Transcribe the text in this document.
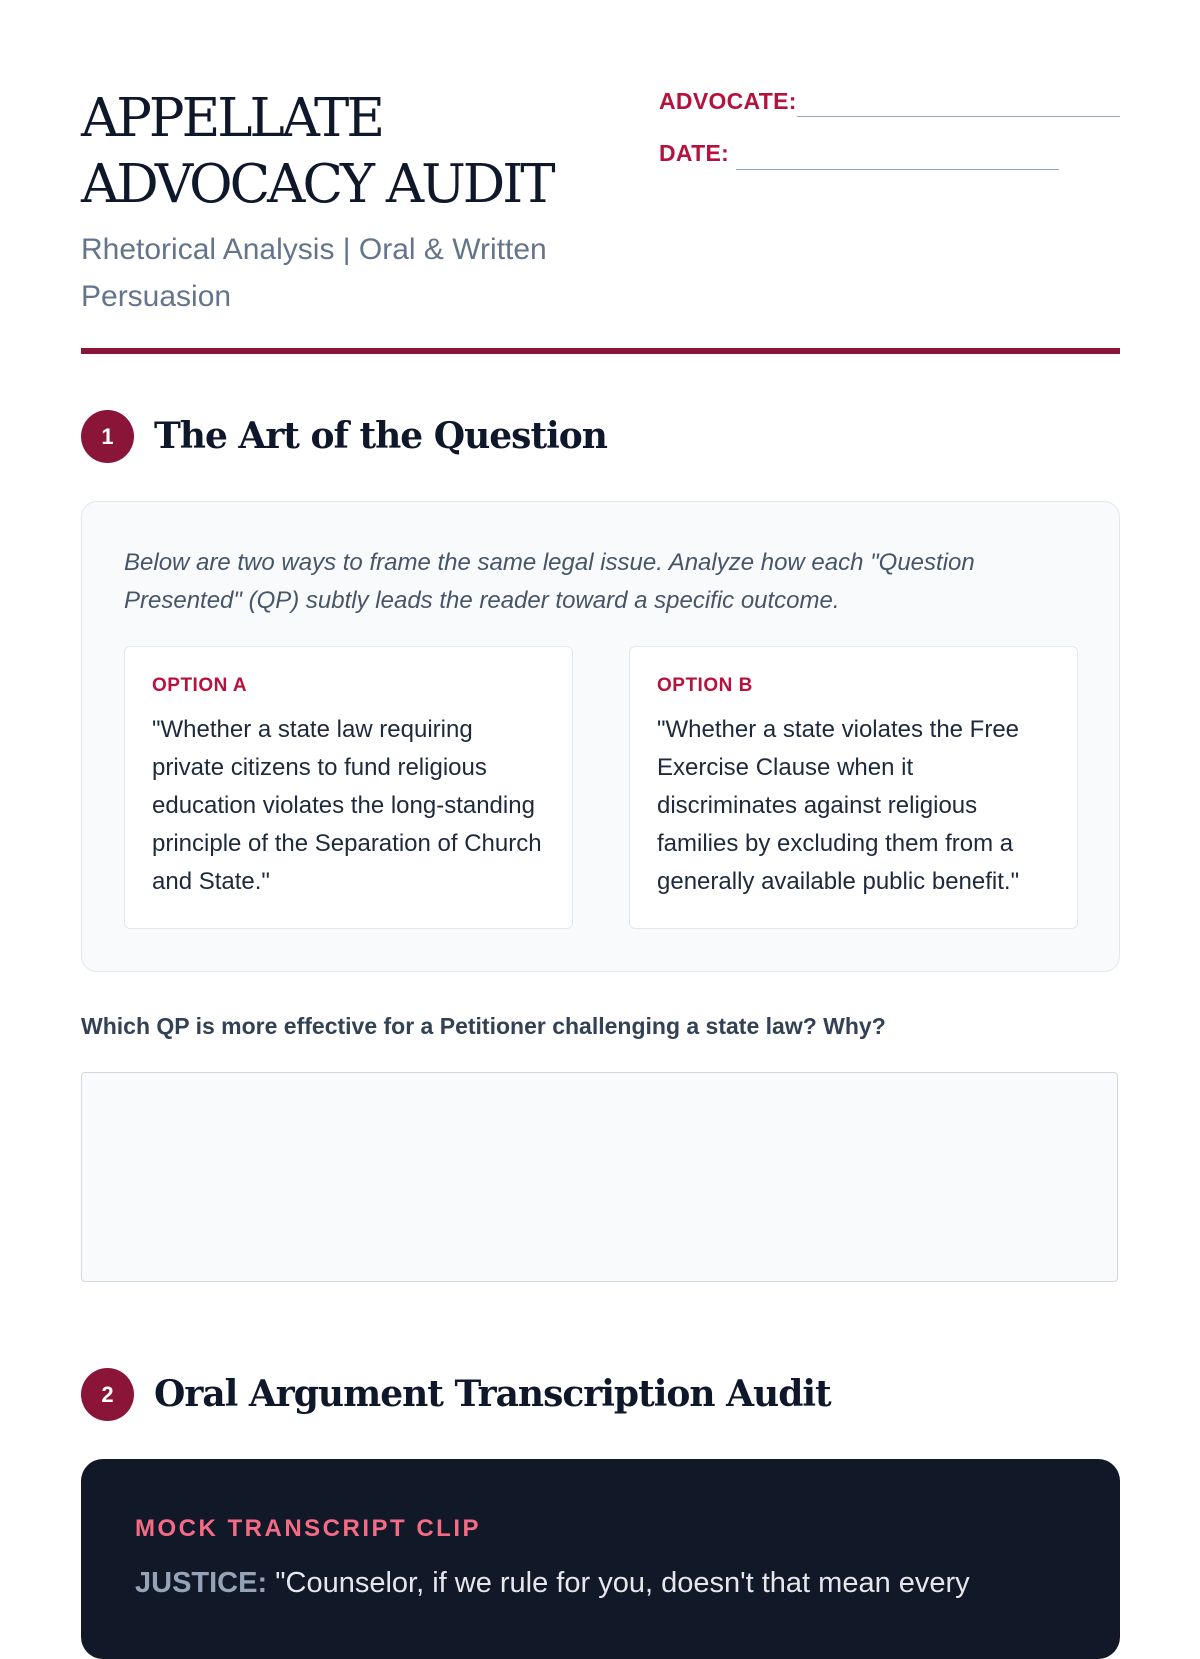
APPELLATE
ADVOCACY AUDIT

Rhetorical Analysis | Oral & Written Persuasion

ADVOCATE:
DATE:
1	The Art of the Question

Below are two ways to frame the same legal issue. Analyze how each "Question Presented" (QP) subtly leads the reader toward a specific outcome.

OPTION A

"Whether a state law requiring private citizens to fund religious education violates the long-standing principle of the Separation of Church and State."

OPTION B

"Whether a state violates the Free Exercise Clause when it discriminates against religious families by excluding them from a generally available public benefit."

Which QP is more effective for a Petitioner challenging a state law? Why?

2	Oral Argument Transcription Audit

MOCK TRANSCRIPT CLIP

JUSTICE: "Counselor, if we rule for you, doesn't that mean every
